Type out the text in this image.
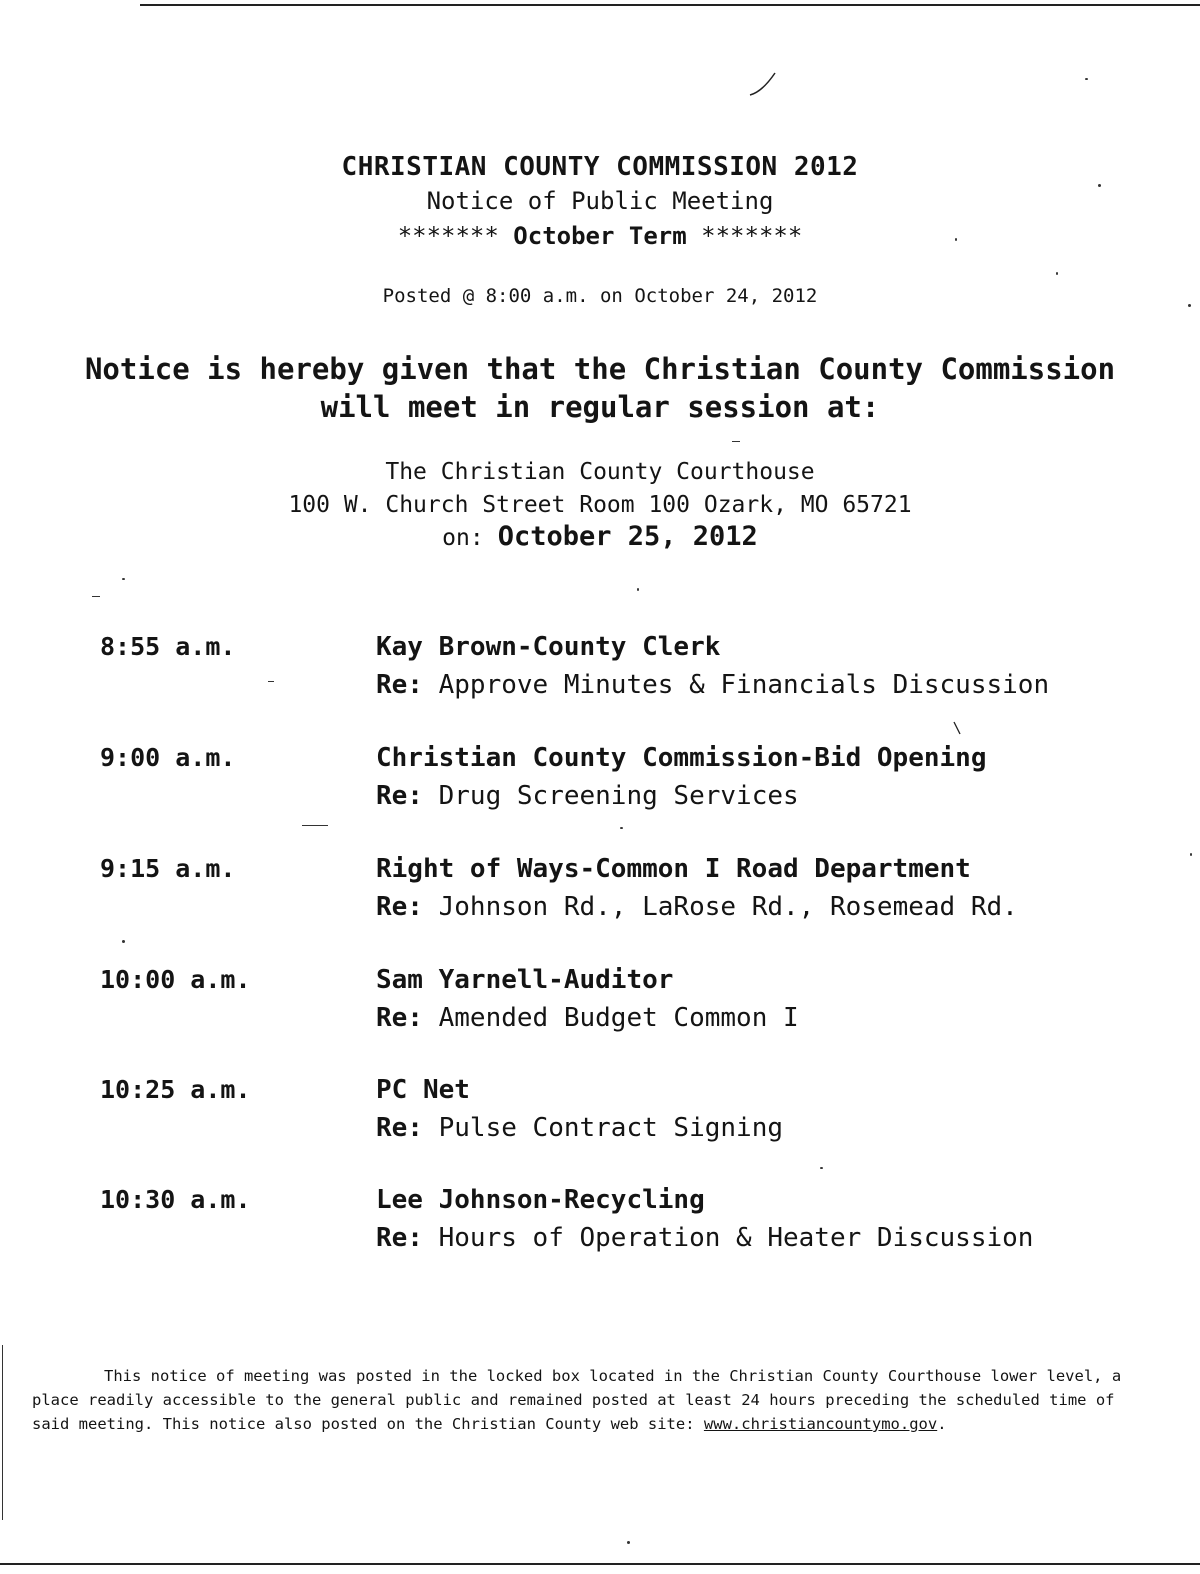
CHRISTIAN COUNTY COMMISSION 2012
Notice of Public Meeting
******* October Term *******
Posted @ 8:00 a.m. on October 24, 2012
Notice is hereby given that the Christian County Commission
will meet in regular session at:
The Christian County Courthouse
100 W. Church Street Room 100 Ozark, MO 65721
on: October 25, 2012
8:55 a.m.	Kay Brown-County Clerk
Re: Approve Minutes & Financials Discussion
9:00 a.m.	Christian County Commission-Bid Opening
Re: Drug Screening Services
9:15 a.m.	Right of Ways-Common I Road Department
Re: Johnson Rd., LaRose Rd., Rosemead Rd.
10:00 a.m.	Sam Yarnell-Auditor
Re: Amended Budget Common I
10:25 a.m.	PC Net
Re: Pulse Contract Signing
10:30 a.m.	Lee Johnson-Recycling
Re: Hours of Operation & Heater Discussion
This notice of meeting was posted in the locked box located in the Christian County Courthouse lower level, a place readily accessible to the general public and remained posted at least 24 hours preceding the scheduled time of said meeting. This notice also posted on the Christian County web site: www.christiancountymo.gov.
